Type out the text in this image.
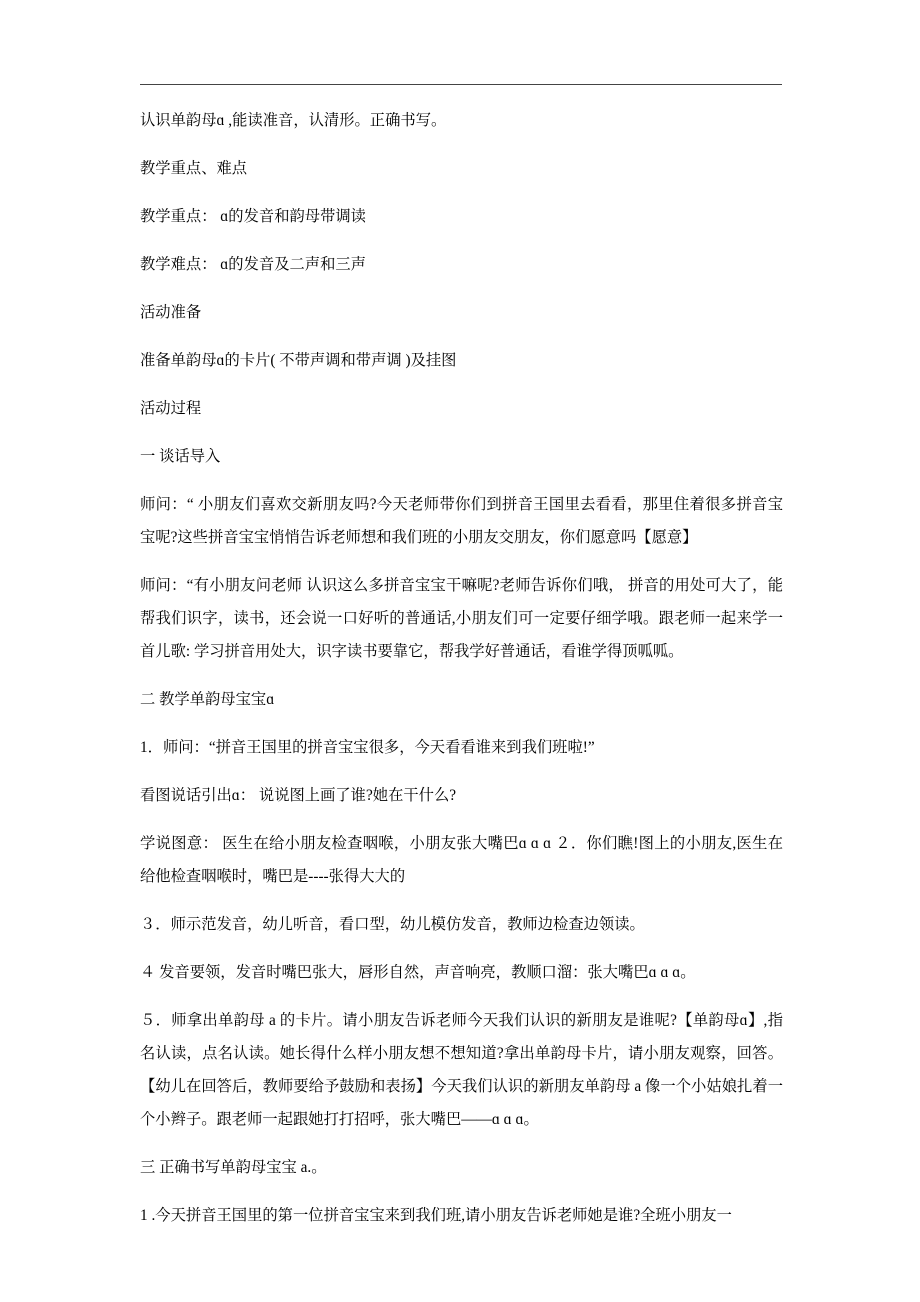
认识单韵母ɑ ,能读准音，认清形。正确书写。

教学重点、难点

教学重点： ɑ的发音和韵母带调读

教学难点： ɑ的发音及二声和三声

活动准备

准备单韵母ɑ的卡片( 不带声调和带声调 )及挂图

活动过程

一 谈话导入

师问：“ 小朋友们喜欢交新朋友吗?今天老师带你们到拼音王国里去看看，那里住着很多拼音宝宝呢?这些拼音宝宝悄悄告诉老师想和我们班的小朋友交朋友，你们愿意吗【愿意】

师问：“有小朋友问老师 认识这么多拼音宝宝干嘛呢?老师告诉你们哦， 拼音的用处可大了，能帮我们识字，读书，还会说一口好听的普通话,小朋友们可一定要仔细学哦。跟老师一起来学一首儿歌: 学习拼音用处大，识字读书要靠它，帮我学好普通话，看谁学得顶呱呱。

二 教学单韵母宝宝ɑ

1．师问：“拼音王国里的拼音宝宝很多，今天看看谁来到我们班啦!”

看图说话引出ɑ： 说说图上画了谁?她在干什么?

学说图意： 医生在给小朋友检查咽喉，小朋友张大嘴巴ɑ ɑ ɑ ２．你们瞧!图上的小朋友,医生在给他检查咽喉时，嘴巴是----张得大大的

３．师示范发音，幼儿听音，看口型，幼儿模仿发音，教师边检查边领读。

４ 发音要领，发音时嘴巴张大，唇形自然，声音响亮，教顺口溜：张大嘴巴ɑ ɑ ɑ。

５．师拿出单韵母 a 的卡片。请小朋友告诉老师今天我们认识的新朋友是谁呢?【单韵母ɑ】,指名认读，点名认读。她长得什么样小朋友想不想知道?拿出单韵母卡片，请小朋友观察，回答。【幼儿在回答后，教师要给予鼓励和表扬】今天我们认识的新朋友单韵母 a 像一个小姑娘扎着一个小辫子。跟老师一起跟她打打招呼，张大嘴巴——ɑ ɑ ɑ。

三 正确书写单韵母宝宝 a.。

1 .今天拼音王国里的第一位拼音宝宝来到我们班,请小朋友告诉老师她是谁?全班小朋友一
